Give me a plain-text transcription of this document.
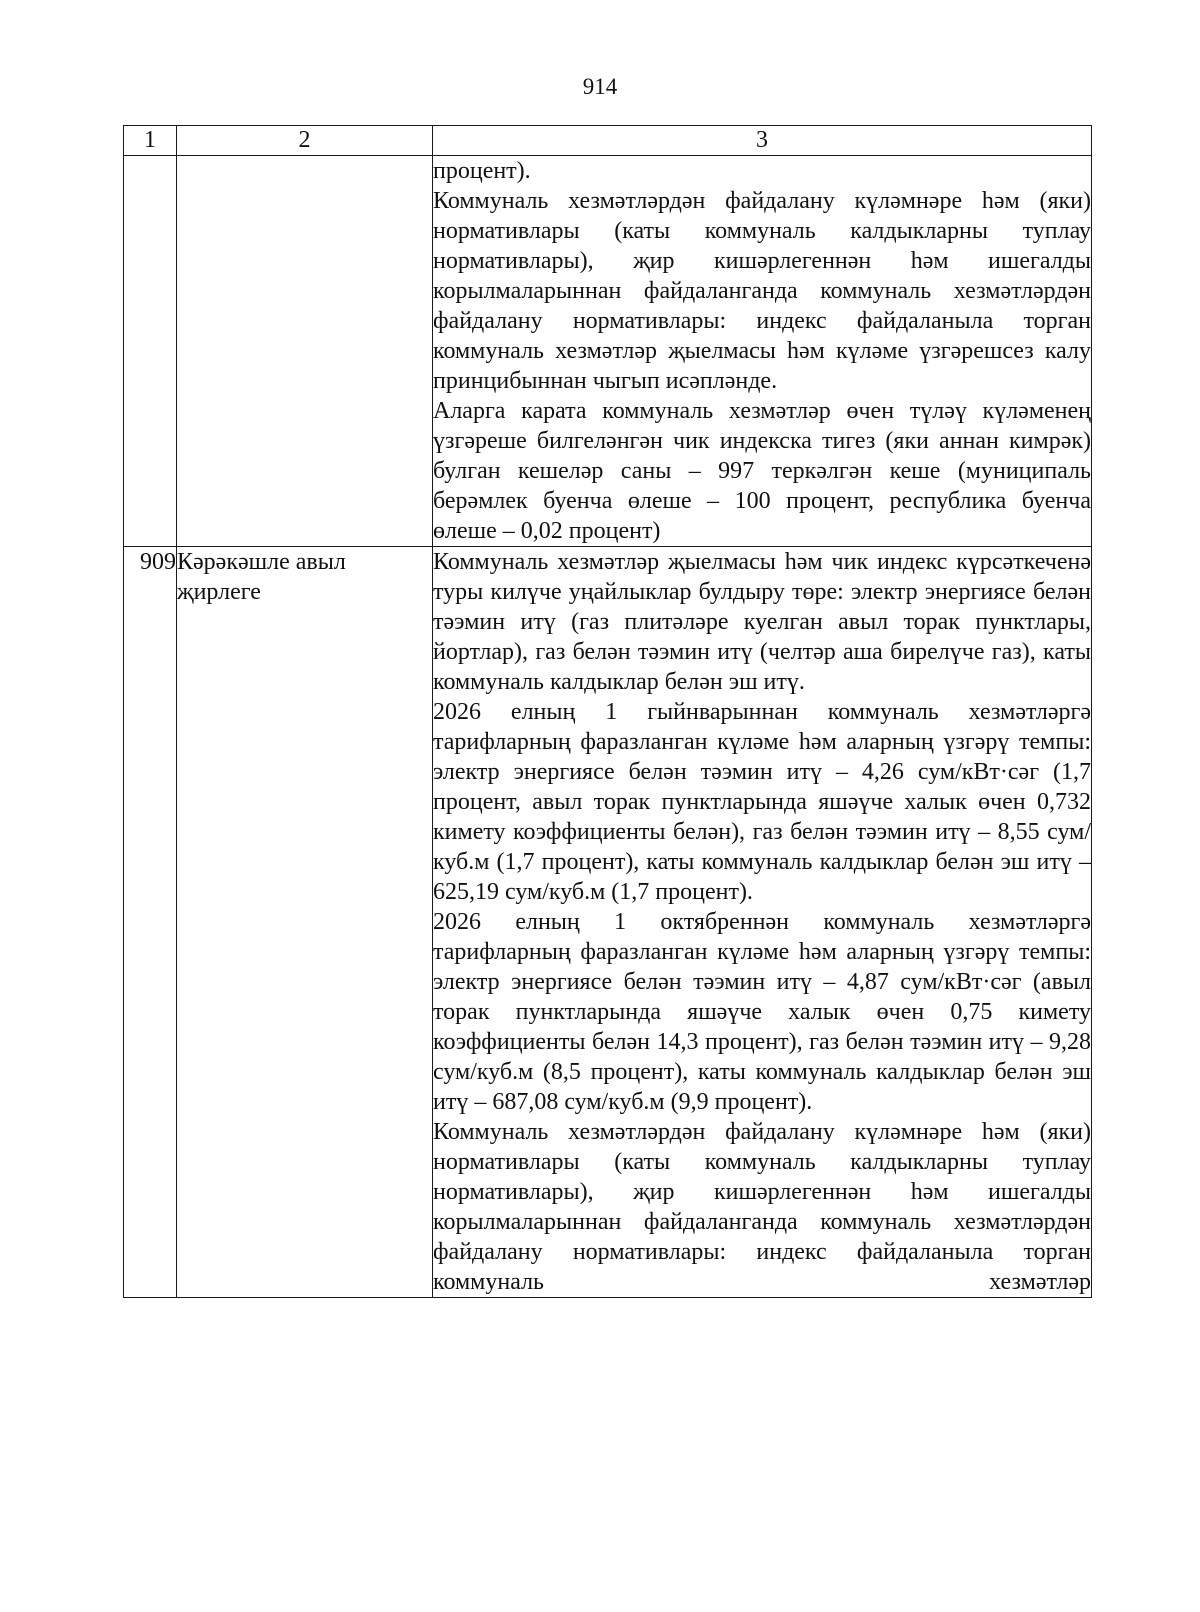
914
1	2	3

		процент).

Коммуналь хезмәтләрдән файдалану күләмнәре һәм (яки) нормативлары (каты коммуналь калдыкларны туплау нормативлары), җир кишәрлегеннән һәм ишегалды корылмаларыннан файдаланганда коммуналь хезмәтләрдән файдалану нормативлары: индекс файдаланыла торган коммуналь хезмәтләр җыелмасы һәм күләме үзгәрешсез калу принцибыннан чыгып исәпләнде.

Аларга карата коммуналь хезмәтләр өчен түләү күләменең үзгәреше билгеләнгән чик индекска тигез (яки аннан кимрәк) булган кешеләр саны – 997 теркәлгән кеше (муниципаль берәмлек буенча өлеше – 100 процент, республика буенча өлеше – 0,02 процент)

909	Кәрәкәшле авыл җирлеге	Коммуналь хезмәтләр җыелмасы һәм чик индекс күрсәткеченә туры килүче уңайлыклар булдыру төре: электр энергиясе белән тәэмин итү (газ плитәләре куелган авыл торак пунктлары, йортлар), газ белән тәэмин итү (челтәр аша бирелүче газ), каты коммуналь калдыклар белән эш итү.

2026 елның 1 гыйнварыннан коммуналь хезмәтләргә тарифларның фаразланган күләме һәм аларның үзгәрү темпы: электр энергиясе белән тәэмин итү – 4,26 сум/кВт·сәг (1,7 процент, авыл торак пунктларында яшәүче халык өчен 0,732 кимету коэффициенты белән), газ белән тәэмин итү – 8,55 сум/куб.м (1,7 процент), каты коммуналь калдыклар белән эш итү – 625,19 сум/куб.м (1,7 процент).

2026 елның 1 октябреннән коммуналь хезмәтләргә тарифларның фаразланган күләме һәм аларның үзгәрү темпы: электр энергиясе белән тәэмин итү – 4,87 сум/кВт·сәг (авыл торак пунктларында яшәүче халык өчен 0,75 кимету коэффициенты белән 14,3 процент), газ белән тәэмин итү – 9,28 сум/куб.м (8,5 процент), каты коммуналь калдыклар белән эш итү – 687,08 сум/куб.м (9,9 процент).

Коммуналь хезмәтләрдән файдалану күләмнәре һәм (яки) нормативлары (каты коммуналь калдыкларны туплау нормативлары), җир кишәрлегеннән һәм ишегалды корылмаларыннан файдаланганда коммуналь хезмәтләрдән файдалану нормативлары: индекс файдаланыла торган коммуналь хезмәтләр
